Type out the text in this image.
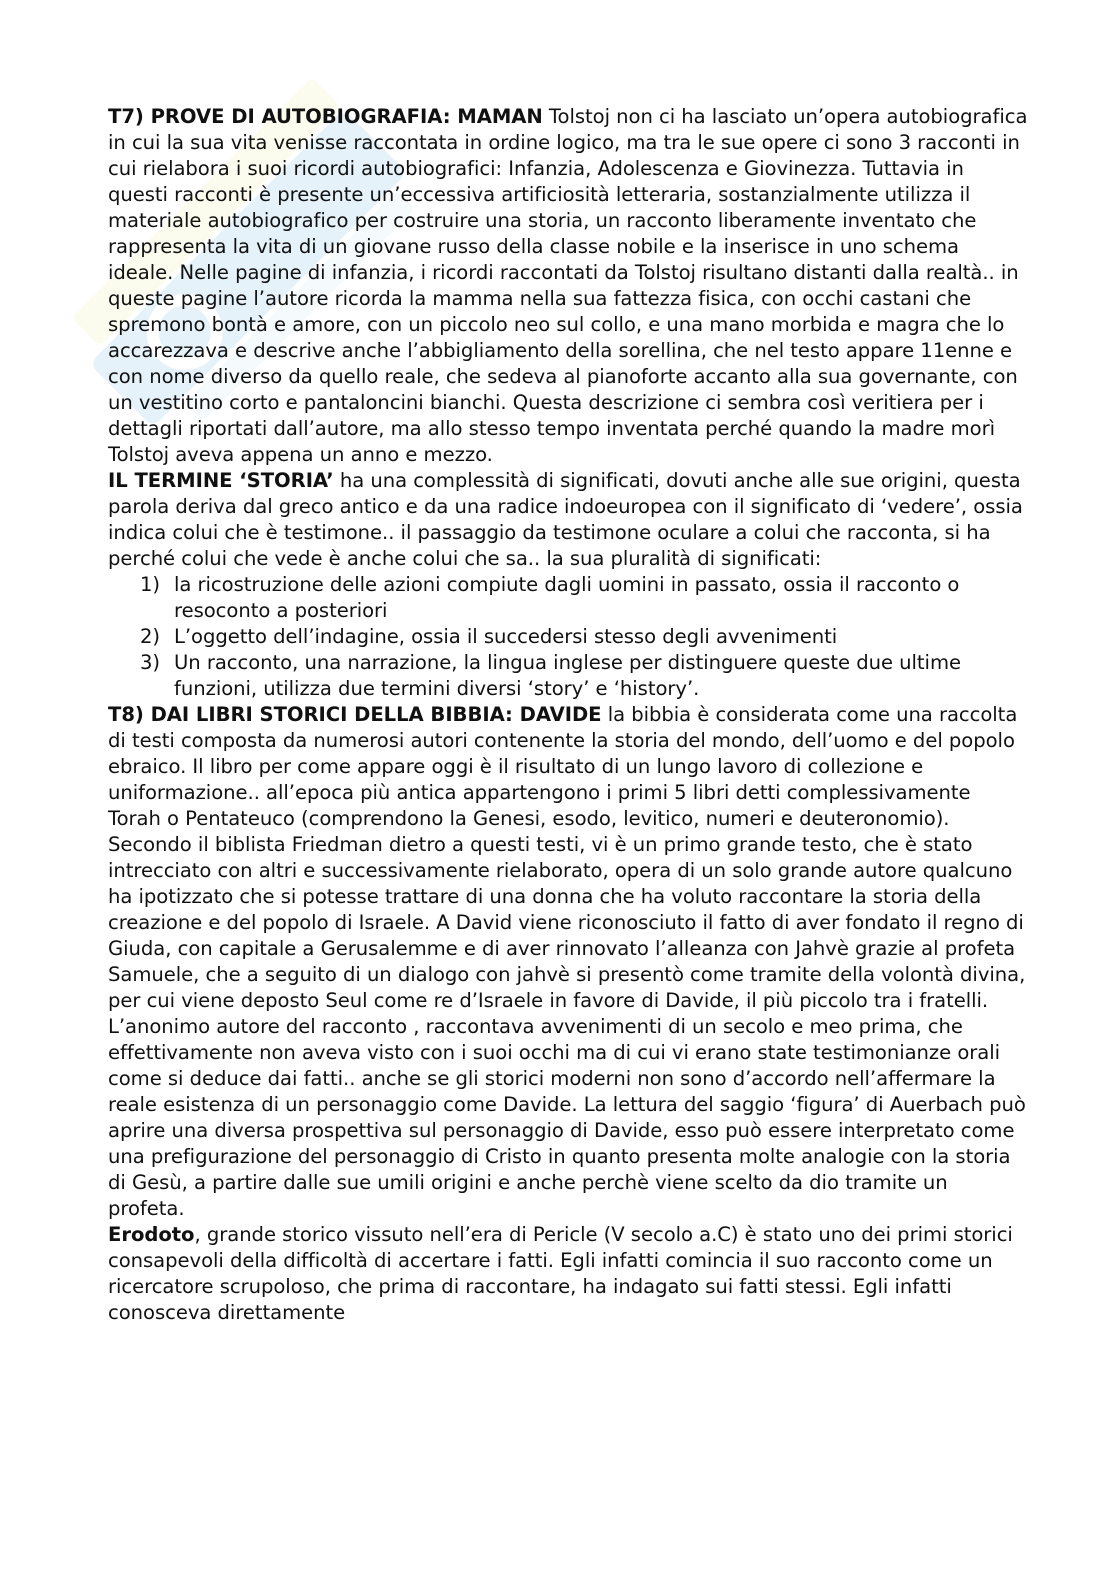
T7) PROVE DI AUTOBIOGRAFIA: MAMAN Tolstoj non ci ha lasciato un’opera autobiografica in cui la sua vita venisse raccontata in ordine logico, ma tra le sue opere ci sono 3 racconti in cui rielabora i suoi ricordi autobiografici: Infanzia, Adolescenza e Giovinezza. Tuttavia in questi racconti è presente un’eccessiva artificiosità letteraria, sostanzialmente utilizza il materiale autobiografico per costruire una storia, un racconto liberamente inventato che rappresenta la vita di un giovane russo della classe nobile e la inserisce in uno schema ideale. Nelle pagine di infanzia, i ricordi raccontati da Tolstoj risultano distanti dalla realtà.. in queste pagine l’autore ricorda la mamma nella sua fattezza fisica, con occhi castani che spremono bontà e amore, con un piccolo neo sul collo, e una mano morbida e magra che lo accarezzava e descrive anche l’abbigliamento della sorellina, che nel testo appare 11enne e con nome diverso da quello reale, che sedeva al pianoforte accanto alla sua governante, con un vestitino corto e pantaloncini bianchi. Questa descrizione ci sembra così veritiera per i dettagli riportati dall’autore, ma allo stesso tempo inventata perché quando la madre morì Tolstoj aveva appena un anno e mezzo.

IL TERMINE ‘STORIA’ ha una complessità di significati, dovuti anche alle sue origini, questa parola deriva dal greco antico e da una radice indoeuropea con il significato di ‘vedere’, ossia indica colui che è testimone.. il passaggio da testimone oculare a colui che racconta, si ha perché colui che vede è anche colui che sa.. la sua pluralità di significati:

1) la ricostruzione delle azioni compiute dagli uomini in passato, ossia il racconto o resoconto a posteriori
2) L’oggetto dell’indagine, ossia il succedersi stesso degli avvenimenti
3) Un racconto, una narrazione, la lingua inglese per distinguere queste due ultime funzioni, utilizza due termini diversi ‘story’ e ‘history’.

T8) DAI LIBRI STORICI DELLA BIBBIA: DAVIDE la bibbia è considerata come una raccolta di testi composta da numerosi autori contenente la storia del mondo, dell’uomo e del popolo ebraico. Il libro per come appare oggi è il risultato di un lungo lavoro di collezione e uniformazione.. all’epoca più antica appartengono i primi 5 libri detti complessivamente Torah o Pentateuco (comprendono la Genesi, esodo, levitico, numeri e deuteronomio). Secondo il biblista Friedman dietro a questi testi, vi è un primo grande testo, che è stato intrecciato con altri e successivamente rielaborato, opera di un solo grande autore qualcuno ha ipotizzato che si potesse trattare di una donna che ha voluto raccontare la storia della creazione e del popolo di Israele. A David viene riconosciuto il fatto di aver fondato il regno di Giuda, con capitale a Gerusalemme e di aver rinnovato l’alleanza con Jahvè grazie al profeta Samuele, che a seguito di un dialogo con jahvè si presentò come tramite della volontà divina, per cui viene deposto Seul come re d’Israele in favore di Davide, il più piccolo tra i fratelli. L’anonimo autore del racconto , raccontava avvenimenti di un secolo e meo prima, che effettivamente non aveva visto con i suoi occhi ma di cui vi erano state testimonianze orali come si deduce dai fatti.. anche se gli storici moderni non sono d’accordo nell’affermare la reale esistenza di un personaggio come Davide. La lettura del saggio ‘figura’ di Auerbach può aprire una diversa prospettiva sul personaggio di Davide, esso può essere interpretato come una prefigurazione del personaggio di Cristo in quanto presenta molte analogie con la storia di Gesù, a partire dalle sue umili origini e anche perchè viene scelto da dio tramite un profeta.

Erodoto, grande storico vissuto nell’era di Pericle (V secolo a.C) è stato uno dei primi storici consapevoli della difficoltà di accertare i fatti. Egli infatti comincia il suo racconto come un ricercatore scrupoloso, che prima di raccontare, ha indagato sui fatti stessi. Egli infatti conosceva direttamente
